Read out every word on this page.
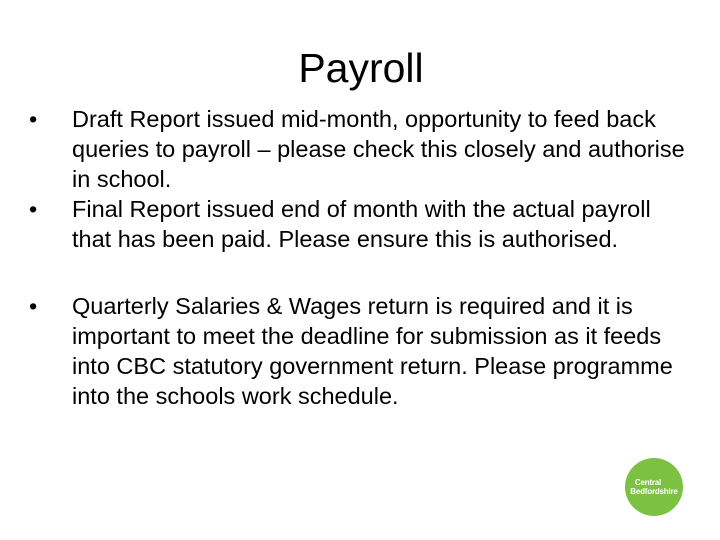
Payroll
•	Draft Report issued mid-month, opportunity to feed back queries to payroll – please check this closely and authorise in school.
•	Final Report issued end of month with the actual payroll that has been paid. Please ensure this is authorised.
•	Quarterly Salaries & Wages return is required and it is important to meet the deadline for submission as it feeds into CBC statutory government return. Please programme into the schools work schedule.
Central
Bedfordshire
